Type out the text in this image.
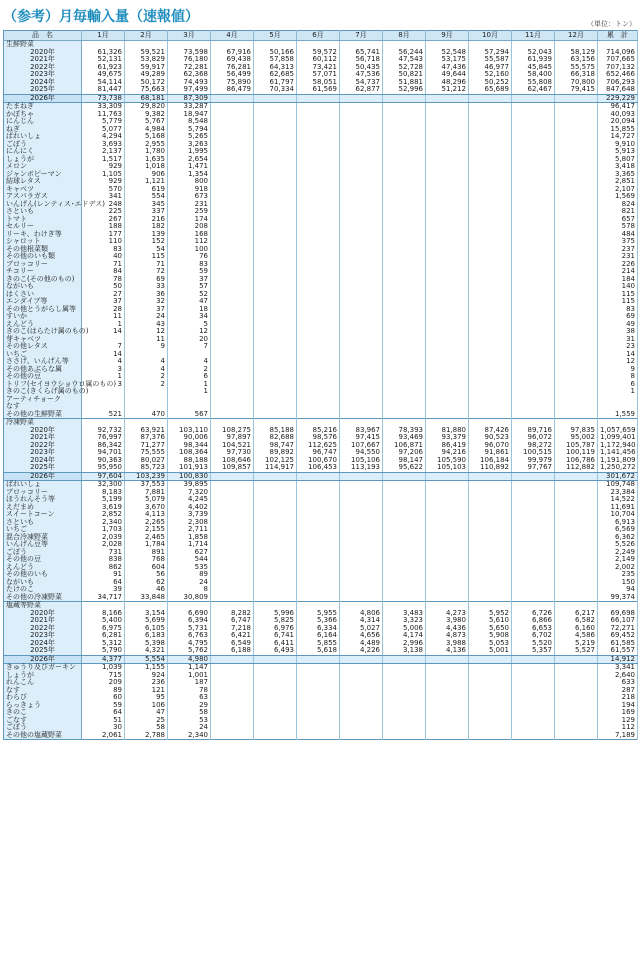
（参考）月毎輸入量（速報値）	（単位：トン）
品　名	1月	2月	3月	4月	5月	6月	7月	8月	9月	10月	11月	12月	累　計
生鮮野菜													
2020年	61,326	59,521	73,598	67,916	50,166	59,572	65,741	56,244	52,548	57,294	52,043	58,129	714,096
2021年	52,131	53,829	76,180	69,438	57,858	60,112	56,718	47,543	53,175	55,587	61,939	63,156	707,665
2022年	61,923	59,917	72,281	76,281	64,313	73,421	50,435	52,728	47,436	46,977	45,845	55,575	707,132
2023年	49,675	49,289	62,368	56,499	62,685	57,071	47,536	50,821	49,644	52,160	58,400	66,318	652,466
2024年	54,114	50,172	74,493	75,890	61,797	58,051	54,737	51,881	48,296	50,252	55,808	70,800	706,293
2025年	81,447	75,663	97,499	86,479	70,334	61,569	62,877	52,996	51,212	65,689	62,467	79,415	847,648
2026年	73,738	68,181	87,309										229,229
たまねぎ	33,309	29,820	33,287										96,417
かぼちゃ	11,763	9,382	18,947										40,093
にんじん	5,779	5,767	8,548										20,094
ねぎ	5,077	4,984	5,794										15,855
ばれいしょ	4,294	5,168	5,265										14,727
ごぼう	3,693	2,955	3,263										9,910
にんにく	2,137	1,780	1,995										5,913
しょうが	1,517	1,635	2,654										5,807
メロン	929	1,018	1,471										3,418
ジャンボピーマン	1,105	906	1,354										3,365
結球レタス	929	1,121	800										2,851
キャベツ	570	619	918										2,107
アスパラガス	341	554	673										1,569
いんげん(レンティス･エドデス)	248	345	231										824
さといも	225	337	259										821
トマト	267	216	174										657
セルリー	188	182	208										578
リーキ、わけぎ等	177	139	168										484
シャロット	110	152	112										375
その他根菜類	83	54	100										237
その他のいも類	40	115	76										231
ブロッコリー	71	71	83										226
チコリー	84	72	59										214
きのこ(その他のもの)	78	69	37										184
ながいも	50	33	57										140
はくさい	27	36	52										115
エンダイブ等	37	32	47										115
その他とうがらし属等	28	37	18										83
すいか	11	24	34										69
えんどう	1	43	5										49
きのこ(はらたけ属のもの)	14	12	12										38
芽キャベツ		11	20										31
その他レタス	7	9	7										23
いちご	14												14
ささげ、いんげん等	4	4	4										12
その他あぶらな属	3	4	2										9
その他の豆	1	2	6										8
トリフ(セイヨウショウロ属のもの)	3	2	1										6
きのこ(きくらげ属のもの)			1										1
アーティチョーク													
なす													
その他の生鮮野菜	521	470	567										1,559
冷凍野菜													
2020年	92,732	63,921	103,110	108,275	85,188	85,216	83,967	78,393	81,880	87,426	89,716	97,835	1,057,659
2021年	76,997	87,376	90,006	97,897	82,688	98,576	97,415	93,469	93,379	90,523	96,072	95,002	1,099,401
2022年	86,342	71,277	98,344	104,521	98,747	112,625	107,667	106,871	86,419	96,070	98,272	105,787	1,172,940
2023年	94,701	75,555	108,364	97,730	89,892	96,747	94,550	97,206	94,216	91,861	100,515	100,119	1,141,456
2024年	90,363	80,027	88,188	108,646	102,125	100,670	105,106	98,147	105,590	106,184	99,979	106,786	1,191,809
2025年	95,950	85,723	101,913	109,857	114,917	106,453	113,193	95,622	105,103	110,892	97,767	112,882	1,250,272
2026年	97,604	103,239	100,830										301,672
ばれいしょ	32,300	37,553	39,895										109,748
ブロッコリー	8,183	7,881	7,320										23,384
ほうれんそう等	5,199	5,079	4,245										14,522
えだまめ	3,619	3,670	4,402										11,691
スイートコーン	2,852	4,113	3,739										10,704
さといも	2,340	2,265	2,308										6,913
いちご	1,703	2,155	2,711										6,569
混合冷凍野菜	2,039	2,465	1,858										6,362
いんげん豆等	2,028	1,784	1,714										5,526
ごぼう	731	891	627										2,249
その他の豆	838	768	544										2,149
えんどう	862	604	535										2,002
その他のいも	91	56	89										235
ながいも	64	62	24										150
たけのこ	39	46	8										94
その他の冷凍野菜	34,717	33,848	30,809										99,374
塩蔵等野菜													
2020年	8,166	3,154	6,690	8,282	5,996	5,955	4,806	3,483	4,273	5,952	6,726	6,217	69,698
2021年	5,400	5,699	6,394	6,747	5,825	5,366	4,314	3,323	3,980	5,610	6,866	6,582	66,107
2022年	6,975	6,105	5,731	7,218	6,976	6,334	5,027	5,006	4,436	5,650	6,653	6,160	72,271
2023年	6,281	6,183	6,763	6,421	6,741	6,164	4,656	4,174	4,873	5,908	6,702	4,586	69,452
2024年	5,312	5,398	4,795	6,549	6,411	5,855	4,489	2,996	3,988	5,053	5,520	5,219	61,585
2025年	5,790	4,321	5,762	6,188	6,493	5,618	4,226	3,138	4,136	5,001	5,357	5,527	61,557
2026年	4,377	5,554	4,980										14,912
きゅうり及びガーキン	1,039	1,155	1,147										3,341
しょうが	715	924	1,001										2,640
れんこん	209	236	187										633
なす	89	121	78										287
わらび	60	95	63										218
らっきょう	59	106	29										194
きのこ	64	47	58										169
ごなす	51	25	53										129
ごぼう	30	58	24										112
その他の塩蔵野菜	2,061	2,788	2,340										7,189
